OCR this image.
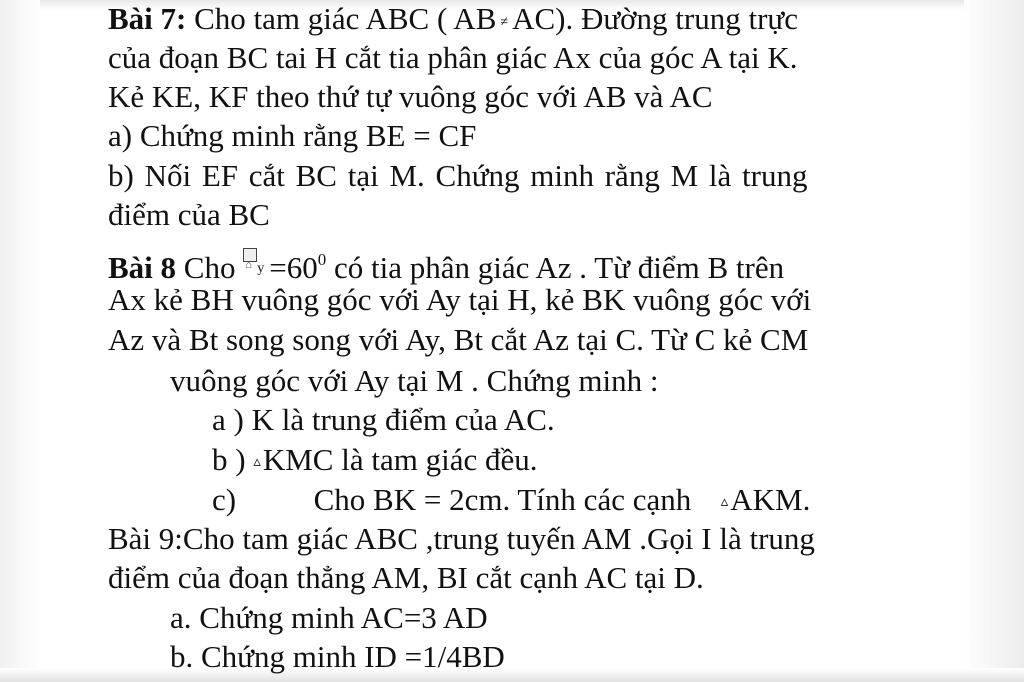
Bài 7: Cho tam giác ABC ( AB ≠ AC). Đường trung trực
của đoạn BC tai H cắt tia phân giác Ax của góc A tại K.
Kẻ KE, KF theo thứ tự vuông góc với AB và AC
a) Chứng minh rằng BE = CF
b) Nối EF cắt BC tại M. Chứng minh rằng M là trung
điểm của BC
Bài 8 Cho ⌂ $y =60^0$ có tia phân giác Az . Từ điểm B trên
Ax kẻ BH vuông góc với Ay tại H, kẻ BK vuông góc với
Az và Bt song song với Ay, Bt cắt Az tại C. Từ C kẻ CM
vuông góc với Ay tại M . Chứng minh :
a ) K là trung điểm của AC.
b ) ▵KMC là tam giác đều.
c)	Cho BK = 2cm. Tính các cạnh ▵AKM.
Bài 9:Cho tam giác ABC ,trung tuyến AM .Gọi I là trung
điểm của đoạn thẳng AM, BI cắt cạnh AC tại D.
a. Chứng minh AC=3 AD
b. Chứng minh ID =1/4BD
